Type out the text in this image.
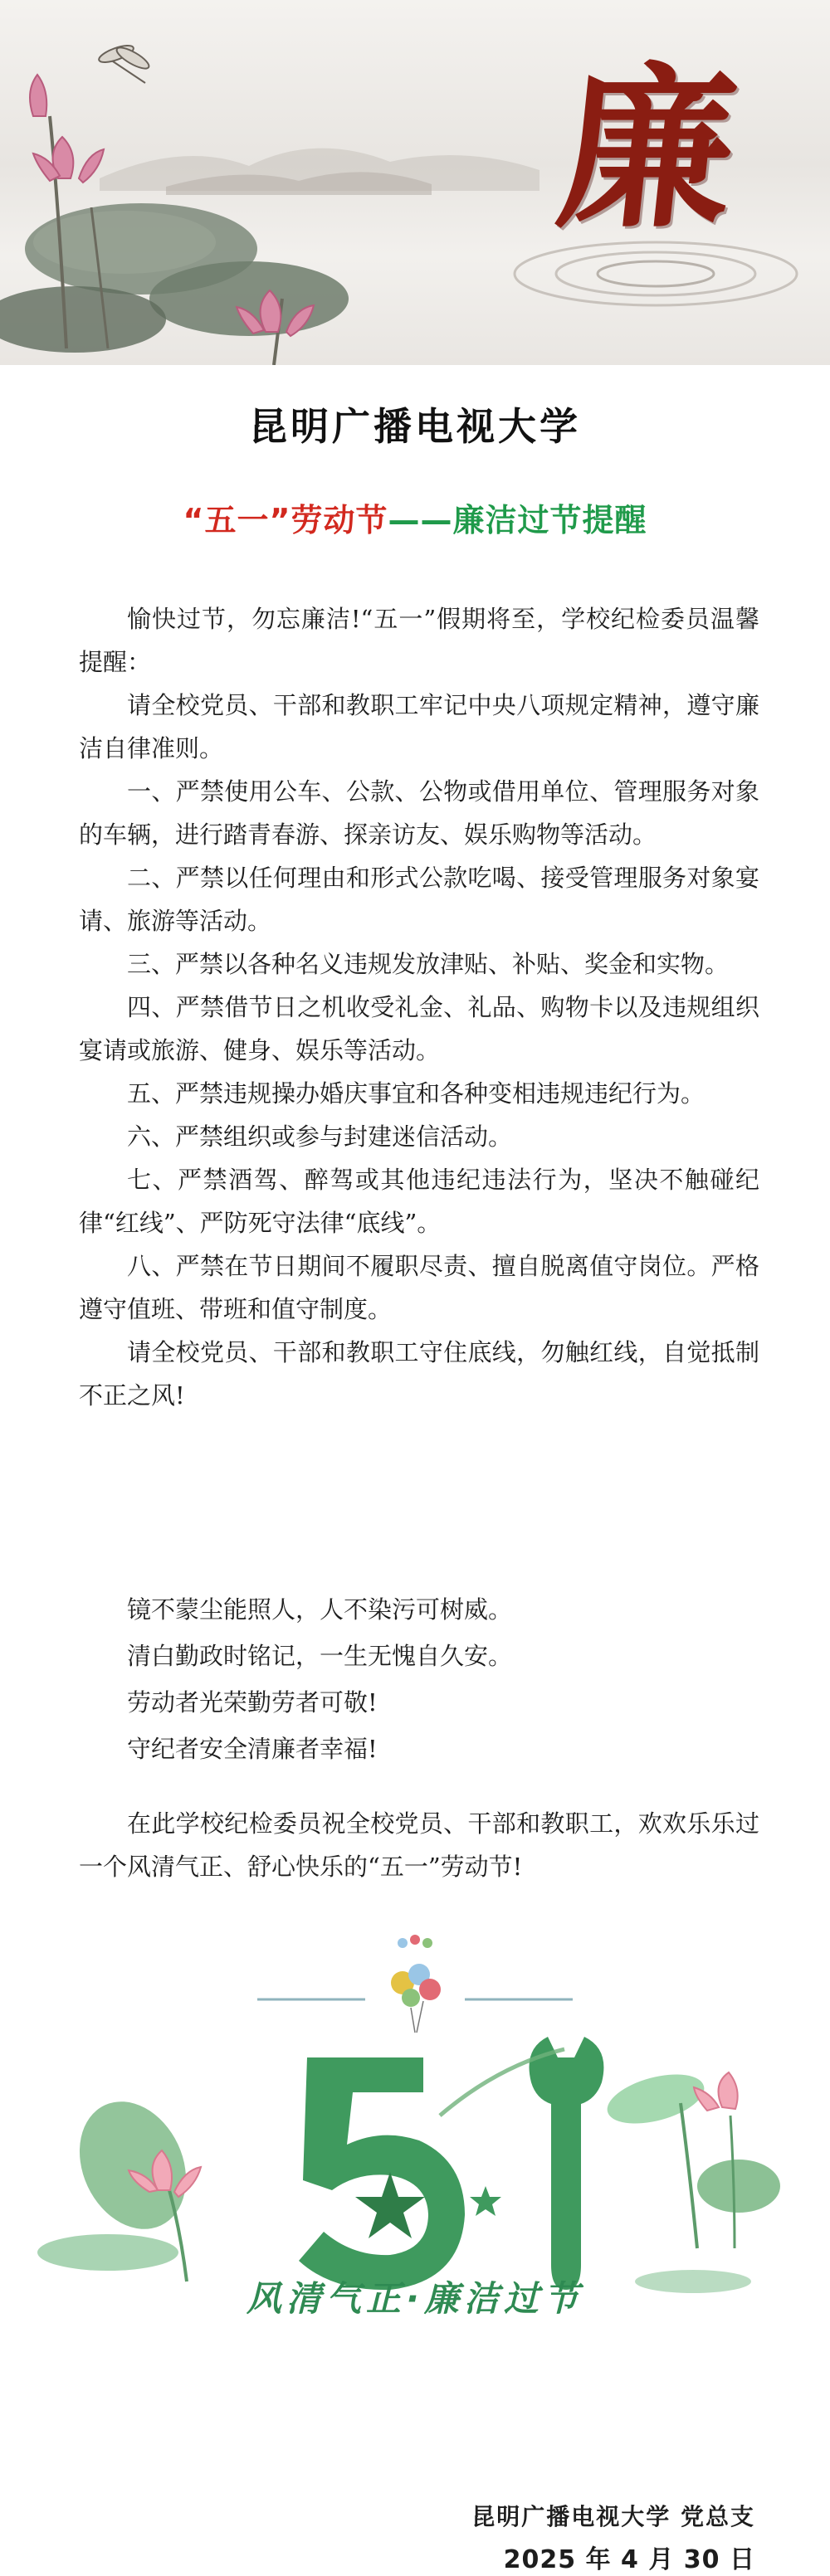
廉
昆明广播电视大学
“五一”劳动节——廉洁过节提醒

愉快过节，勿忘廉洁!“五一”假期将至，学校纪检委员温馨提醒：

请全校党员、干部和教职工牢记中央八项规定精神，遵守廉洁自律准则。

一、严禁使用公车、公款、公物或借用单位、管理服务对象的车辆，进行踏青春游、探亲访友、娱乐购物等活动。

二、严禁以任何理由和形式公款吃喝、接受管理服务对象宴请、旅游等活动。

三、严禁以各种名义违规发放津贴、补贴、奖金和实物。

四、严禁借节日之机收受礼金、礼品、购物卡以及违规组织宴请或旅游、健身、娱乐等活动。

五、严禁违规操办婚庆事宜和各种变相违规违纪行为。

六、严禁组织或参与封建迷信活动。

七、严禁酒驾、醉驾或其他违纪违法行为，坚决不触碰纪律“红线”、严防死守法律“底线”。

八、严禁在节日期间不履职尽责、擅自脱离值守岗位。严格遵守值班、带班和值守制度。

请全校党员、干部和教职工守住底线，勿触红线，自觉抵制不正之风!

镜不蒙尘能照人，人不染污可树威。

清白勤政时铭记，一生无愧自久安。

劳动者光荣勤劳者可敬!

守纪者安全清廉者幸福!

在此学校纪检委员祝全校党员、干部和教职工，欢欢乐乐过一个风清气正、舒心快乐的“五一”劳动节!

风清气正·廉洁过节
昆明广播电视大学 党总支
2025 年 4 月 30 日
